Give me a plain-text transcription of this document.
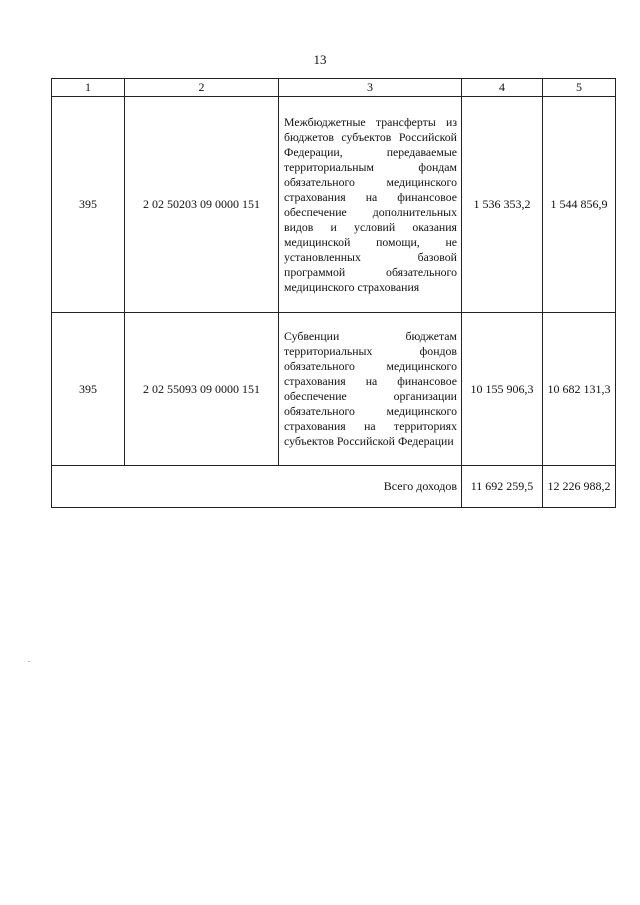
13
1	2	3	4	5
395	2 02 50203 09 0000 151	Межбюджетные трансферты из бюджетов субъектов Российской Федерации, передаваемые территориальным фондам обязательного медицинского страхования на финансовое обеспечение дополнительных видов и условий оказания медицинской помощи, не установленных базовой программой обязательного медицинского страхования	1 536 353,2	1 544 856,9
395	2 02 55093 09 0000 151	Субвенции бюджетам территориальных фондов обязательного медицинского страхования на финансовое обеспечение организации обязательного медицинского страхования на территориях субъектов Российской Федерации	10 155 906,3	10 682 131,3
Всего доходов			11 692 259,5	12 226 988,2
